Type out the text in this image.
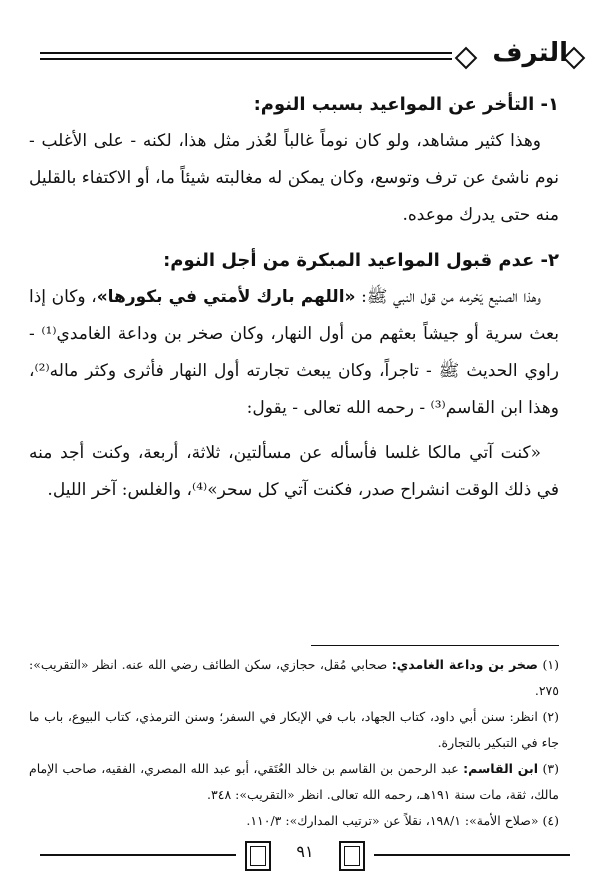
الترف

١- التأخر عن المواعيد بسبب النوم:

وهذا كثير مشاهد، ولو كان نوماً غالباً لعُذر مثل هذا، لكنه - على الأغلب - نوم ناشئ عن ترف وتوسع، وكان يمكن له مغالبته شيئاً ما، أو الاكتفاء بالقليل منه حتى يدرك موعده.

٢- عدم قبول المواعيد المبكرة من أجل النوم:

وهذا الصنيع يَحْرمه من قول النبي ﷺ: «اللهم بارك لأمتي في بكورها»، وكان إذا بعث سرية أو جيشاً بعثهم من أول النهار، وكان صخر بن وداعة الغامدي⁽¹⁾ - راوي الحديث ﷺ - تاجراً، وكان يبعث تجارته أول النهار فأثرى وكثر ماله⁽²⁾، وهذا ابن القاسم⁽³⁾ - رحمه الله تعالى - يقول:

«كنت آتي مالكا غلسا فأسأله عن مسألتين، ثلاثة، أربعة، وكنت أجد منه في ذلك الوقت انشراح صدر، فكنت آتي كل سحر»⁽⁴⁾، والغلس: آخر الليل.

(١) صخر بن وداعة الغامدي: صحابي مُقل، حجازي، سكن الطائف رضي الله عنه. انظر «التقريب»: ٢٧٥.

(٢) انظر: سنن أبي داود، كتاب الجهاد، باب في الإبكار في السفر؛ وسنن الترمذي، كتاب البيوع، باب ما جاء في التبكير بالتجارة.

(٣) ابن القاسم: عبد الرحمن بن القاسم بن خالد العُتَقي، أبو عبد الله المصري، الفقيه، صاحب الإمام مالك، ثقة، مات سنة ١٩١هـ، رحمه الله تعالى. انظر «التقريب»: ٣٤٨.

(٤) «صلاح الأمة»: ١٩٨/١، نقلاً عن «ترتيب المدارك»: ١١٠/٣.

٩١
